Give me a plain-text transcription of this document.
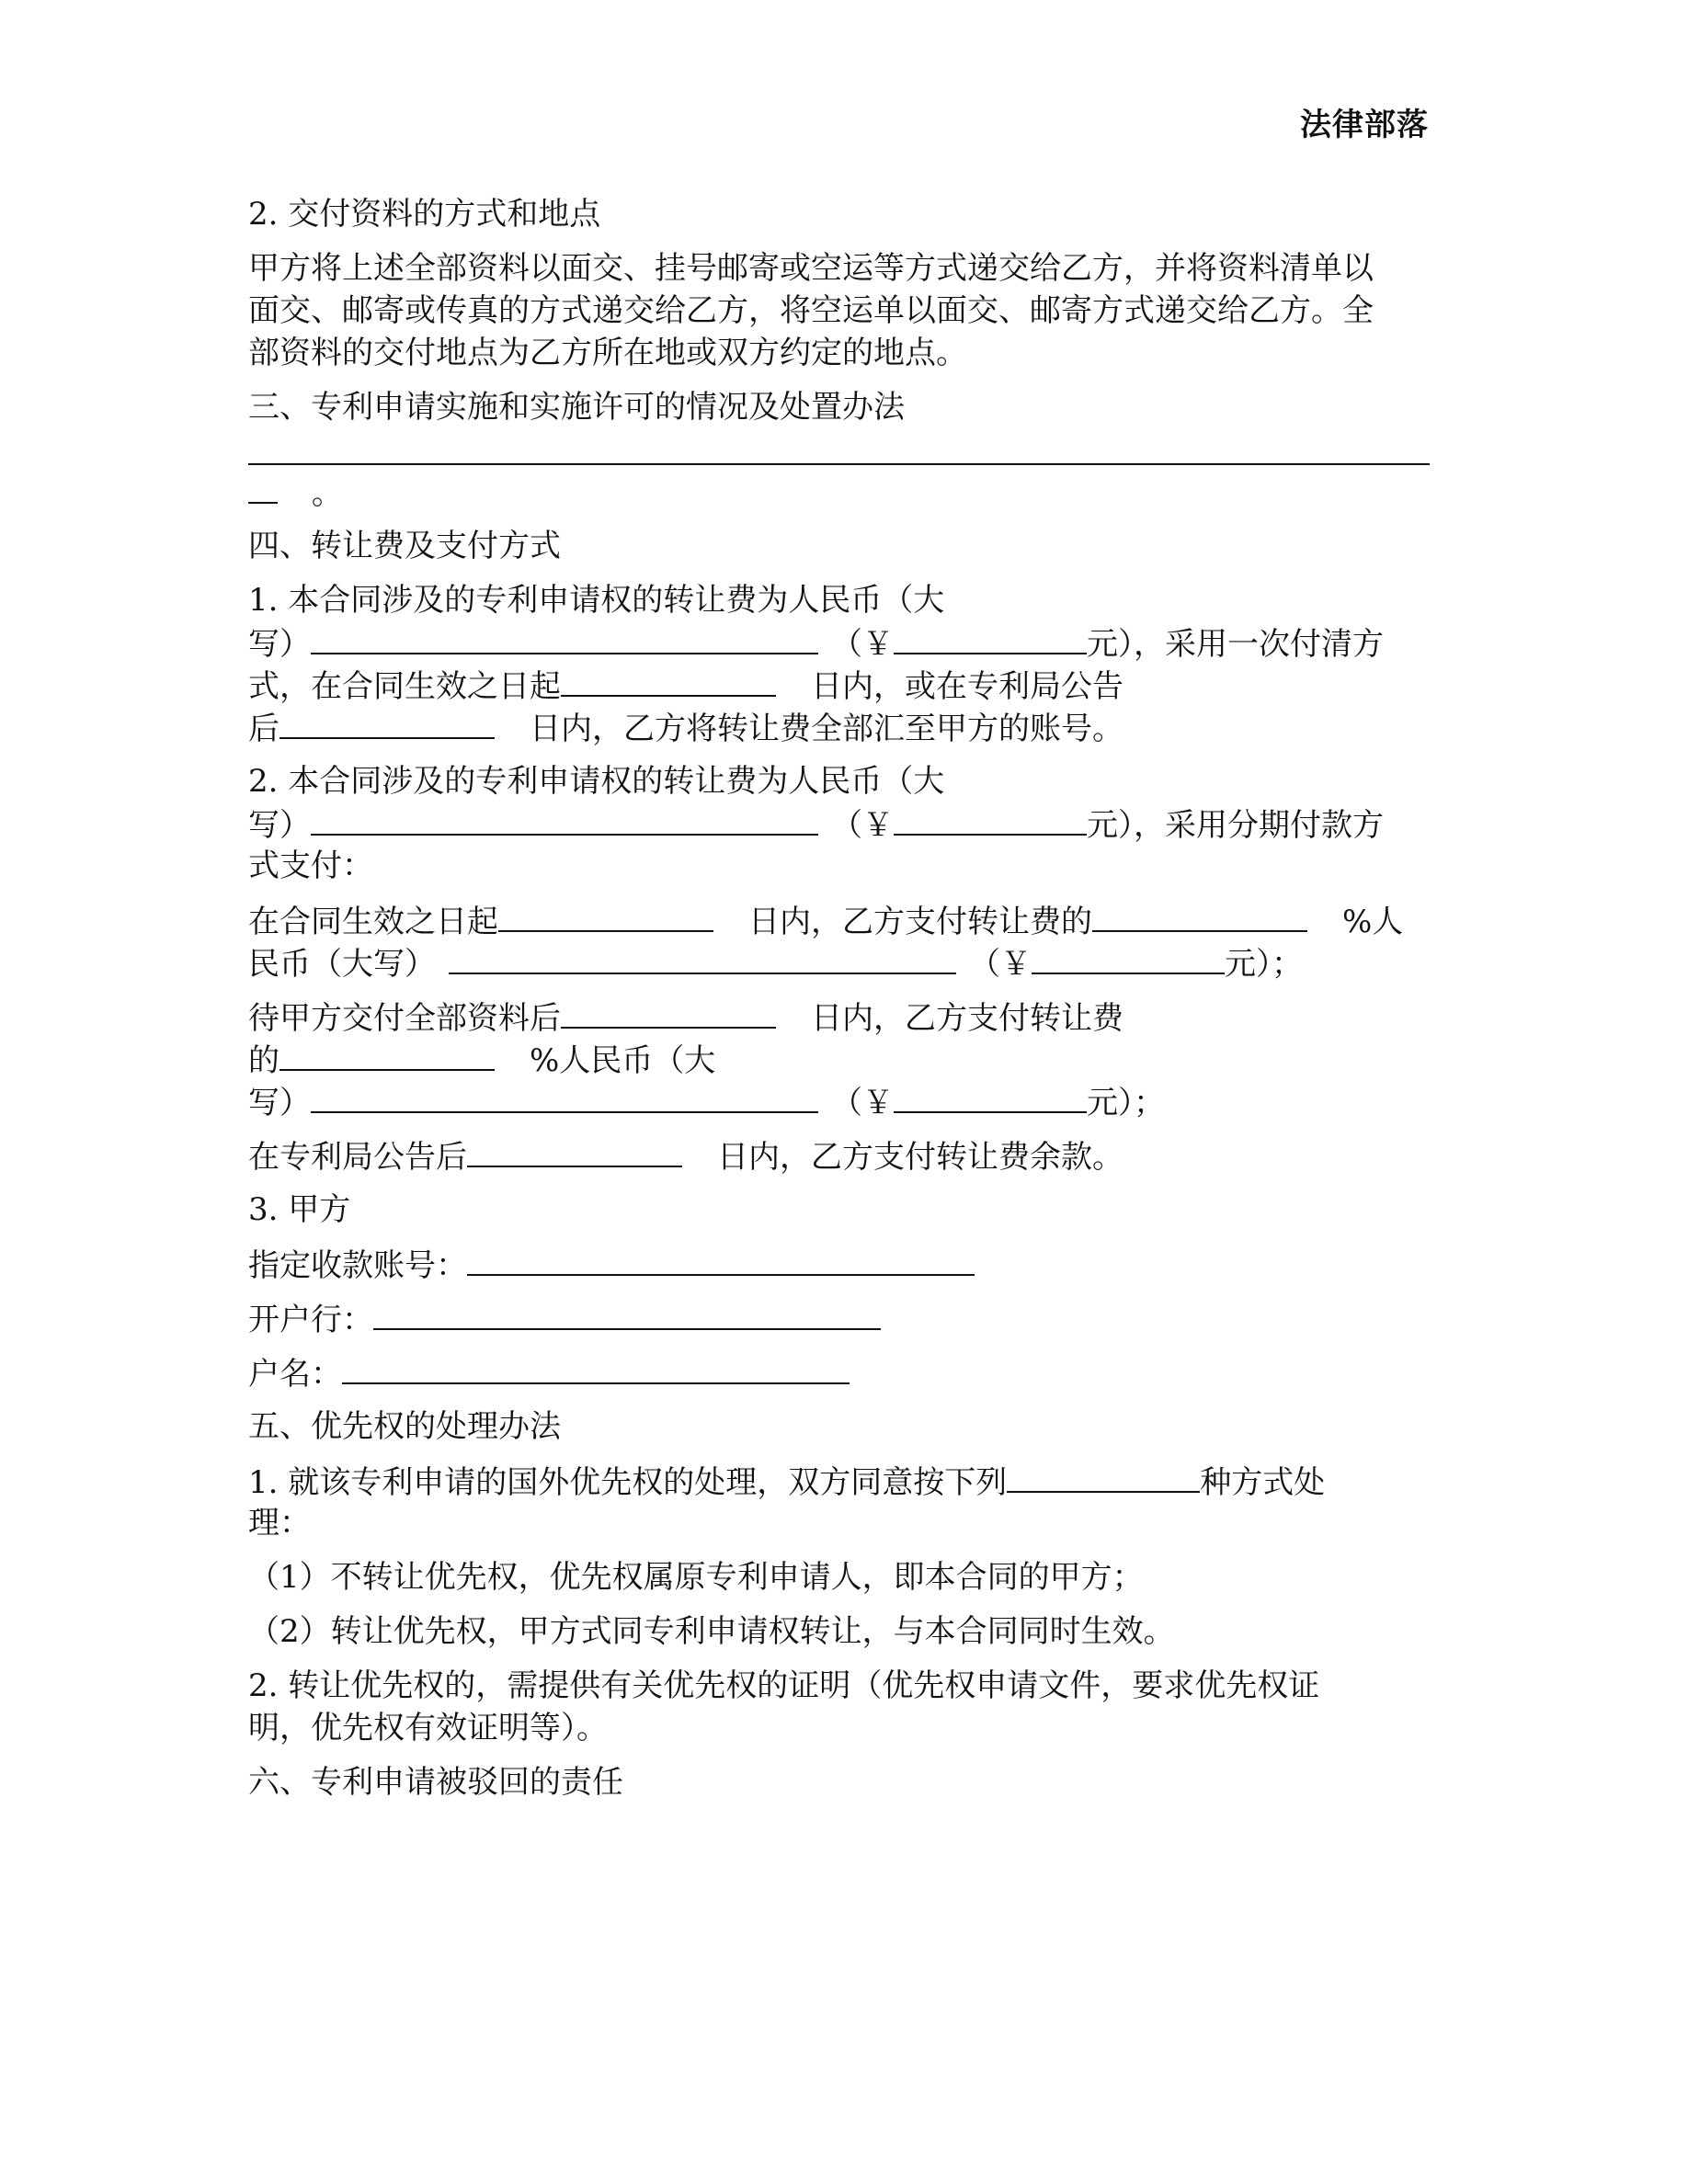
法律部落
2. 交付资料的方式和地点
甲方将上述全部资料以面交、挂号邮寄或空运等方式递交给乙方，并将资料清单以
面交、邮寄或传真的方式递交给乙方，将空运单以面交、邮寄方式递交给乙方。全
部资料的交付地点为乙方所在地或双方约定的地点。
三、专利申请实施和实施许可的情况及处置办法
。
四、转让费及支付方式
1. 本合同涉及的专利申请权的转让费为人民币（大
写）	（￥	元），采用一次付清方
式，在合同生效之日起	日内，或在专利局公告
后	日内，乙方将转让费全部汇至甲方的账号。
2. 本合同涉及的专利申请权的转让费为人民币（大
写）	（￥	元），采用分期付款方
式支付：
在合同生效之日起	日内，乙方支付转让费的	%人
民币（大写）	（￥	元）；
待甲方交付全部资料后	日内，乙方支付转让费
的	%人民币（大
写）	（￥	元）；
在专利局公告后	日内，乙方支付转让费余款。
3. 甲方
指定收款账号：
开户行：
户名：
五、优先权的处理办法
1. 就该专利申请的国外优先权的处理，双方同意按下列	种方式处
理：
（1）不转让优先权，优先权属原专利申请人，即本合同的甲方；
（2）转让优先权，甲方式同专利申请权转让，与本合同同时生效。
2. 转让优先权的，需提供有关优先权的证明（优先权申请文件，要求优先权证
明，优先权有效证明等）。
六、专利申请被驳回的责任
